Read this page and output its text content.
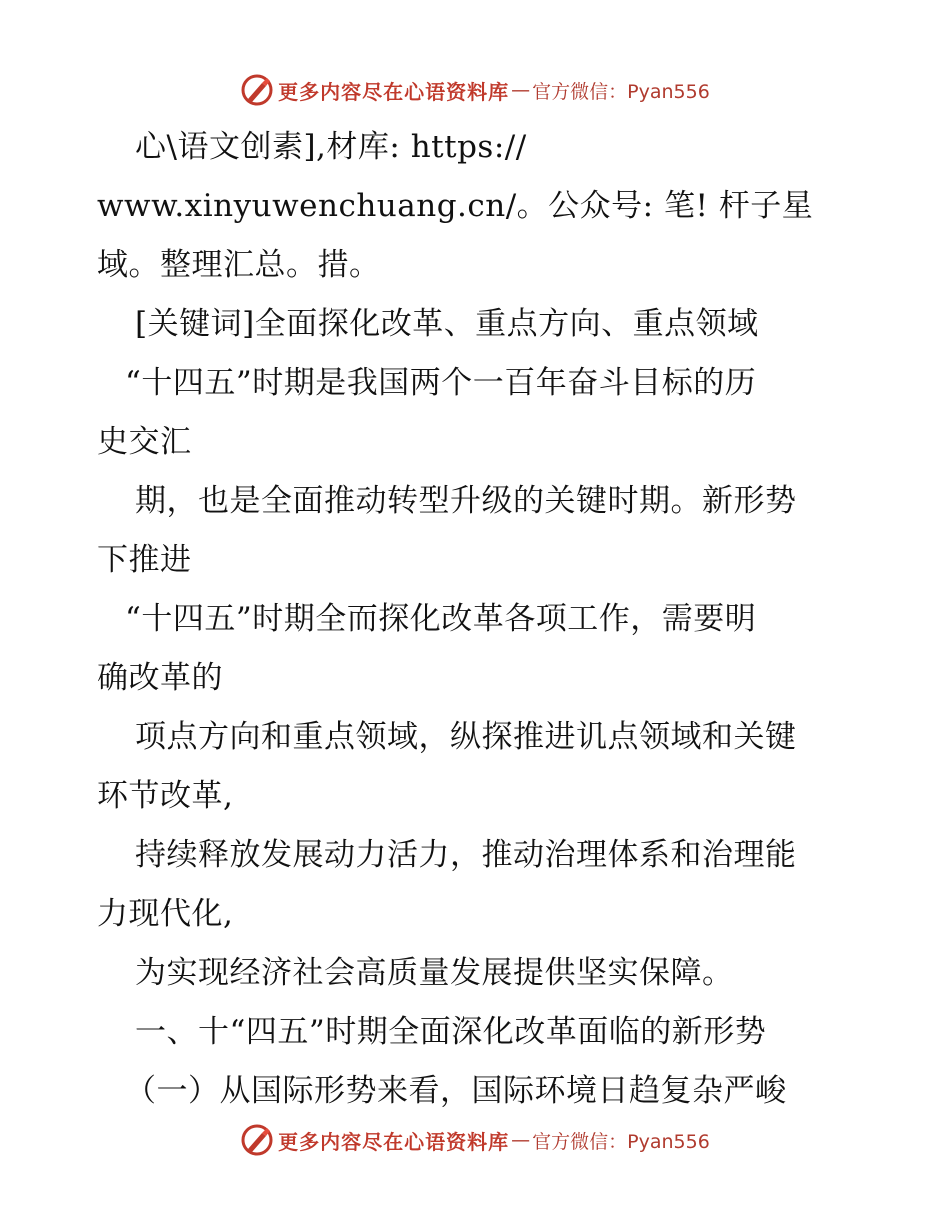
更多内容尽在心语资料库 — 官方微信：Pyan556
心\语文创素],材库: https://
www.xinyuwenchuang.cn/。公众号: 笔! 杆子星
域。整理汇总。措。
[关键词]全面探化改革、重点方向、重点领域
“十四五”时期是我国两个一百年奋斗目标的历
史交汇
期，也是全面推动转型升级的关键时期。新形势
下推进
“十四五”时期全而探化改革各项工作，需要明
确改革的
项点方向和重点领域，纵探推进讥点领域和关键
环节改革,
持续释放发展动力活力，推动治理体系和治理能
力现代化,
为实现经济社会高质量发展提供坚实保障。
一、十“四五”时期全面深化改革面临的新形势
（一）从国际形势来看，国际环境日趋复杂严峻
更多内容尽在心语资料库 — 官方微信：Pyan556
